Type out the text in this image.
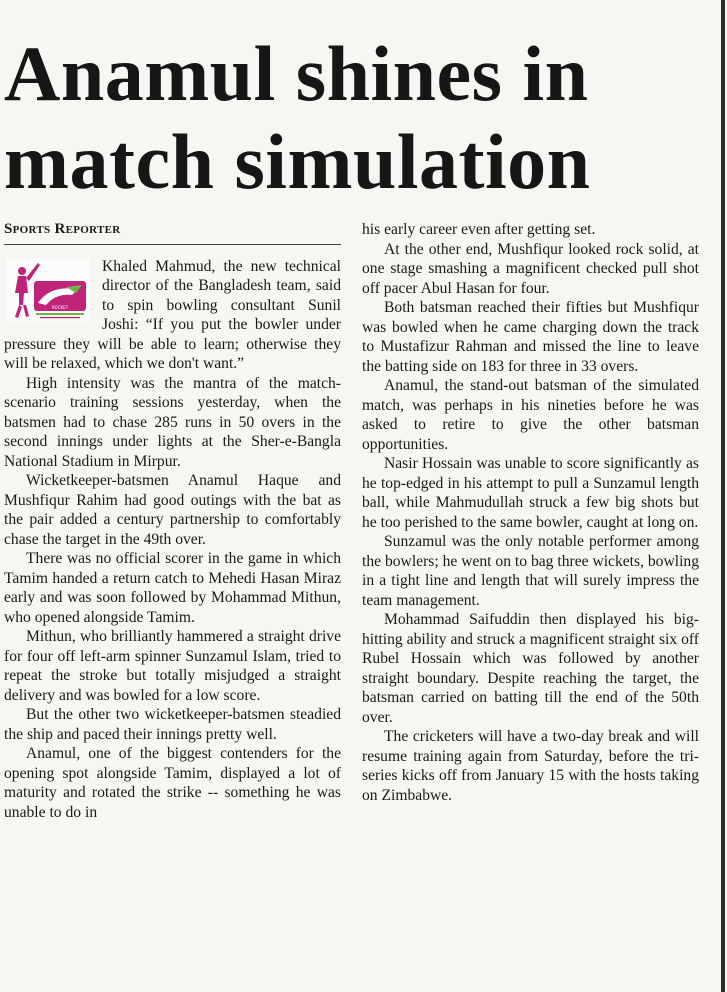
Anamul shines in
match simulation
Sports Reporter
ROCKET

Khaled Mahmud, the new technical director of the Bangladesh team, said to spin bowling consultant Sunil Joshi: “If you put the bowler under pressure they will be able to learn; otherwise they will be relaxed, which we don't want.”

High intensity was the mantra of the match-scenario training sessions yesterday, when the batsmen had to chase 285 runs in 50 overs in the second innings under lights at the Sher-e-Bangla National Stadium in Mirpur.

Wicketkeeper-batsmen Anamul Haque and Mushfiqur Rahim had good outings with the bat as the pair added a century partnership to comfortably chase the target in the 49th over.

There was no official scorer in the game in which Tamim handed a return catch to Mehedi Hasan Miraz early and was soon followed by Mohammad Mithun, who opened alongside Tamim.

Mithun, who brilliantly hammered a straight drive for four off left-arm spinner Sunzamul Islam, tried to repeat the stroke but totally misjudged a straight delivery and was bowled for a low score.

But the other two wicketkeeper-batsmen steadied the ship and paced their innings pretty well.

Anamul, one of the biggest contenders for the opening spot alongside Tamim, displayed a lot of maturity and rotated the strike -- something he was unable to do in

his early career even after getting set.

At the other end, Mushfiqur looked rock solid, at one stage smashing a magnificent checked pull shot off pacer Abul Hasan for four.

Both batsman reached their fifties but Mushfiqur was bowled when he came charging down the track to Mustafizur Rahman and missed the line to leave the batting side on 183 for three in 33 overs.

Anamul, the stand-out batsman of the simulated match, was perhaps in his nineties before he was asked to retire to give the other batsman opportunities.

Nasir Hossain was unable to score significantly as he top-edged in his attempt to pull a Sunzamul length ball, while Mahmudullah struck a few big shots but he too perished to the same bowler, caught at long on.

Sunzamul was the only notable performer among the bowlers; he went on to bag three wickets, bowling in a tight line and length that will surely impress the team management.

Mohammad Saifuddin then displayed his big-hitting ability and struck a magnificent straight six off Rubel Hossain which was followed by another straight boundary. Despite reaching the target, the batsman carried on batting till the end of the 50th over.

The cricketers will have a two-day break and will resume training again from Saturday, before the tri- series kicks off from January 15 with the hosts taking on Zimbabwe.
